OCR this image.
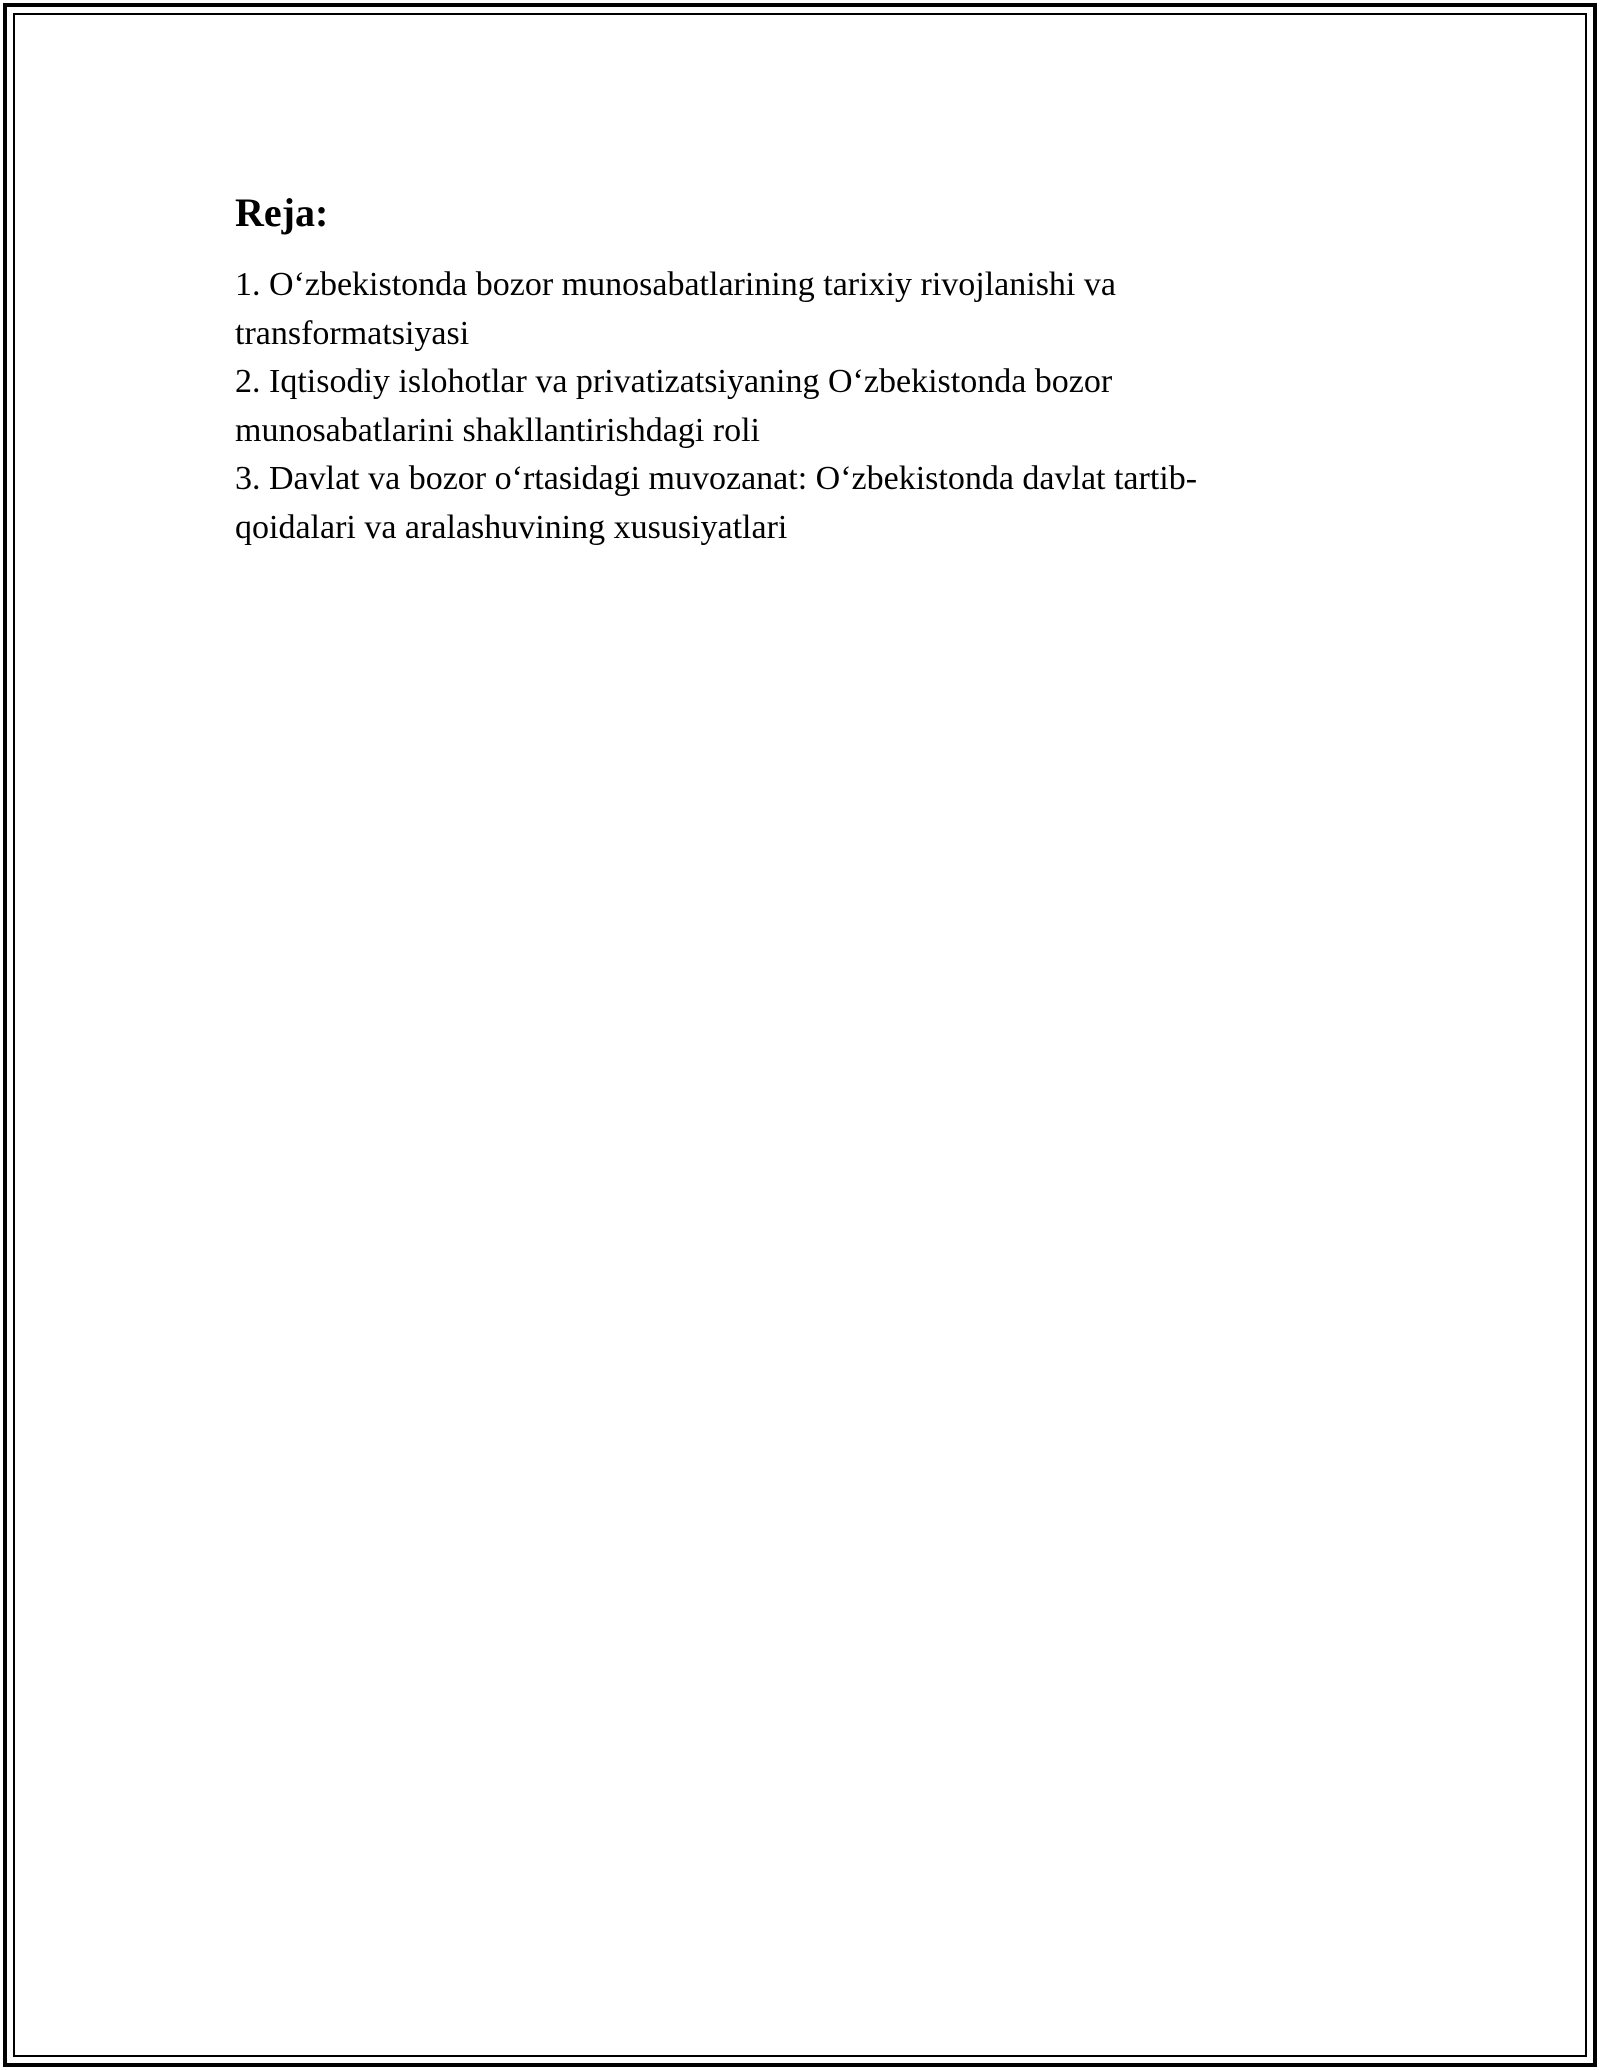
Reja:
1. O‘zbekistonda bozor munosabatlarining tarixiy rivojlanishi va transformatsiyasi
2. Iqtisodiy islohotlar va privatizatsiyaning O‘zbekistonda bozor munosabatlarini shakllantirishdagi roli
3. Davlat va bozor o‘rtasidagi muvozanat: O‘zbekistonda davlat tartib-qoidalari va aralashuvining xususiyatlari
